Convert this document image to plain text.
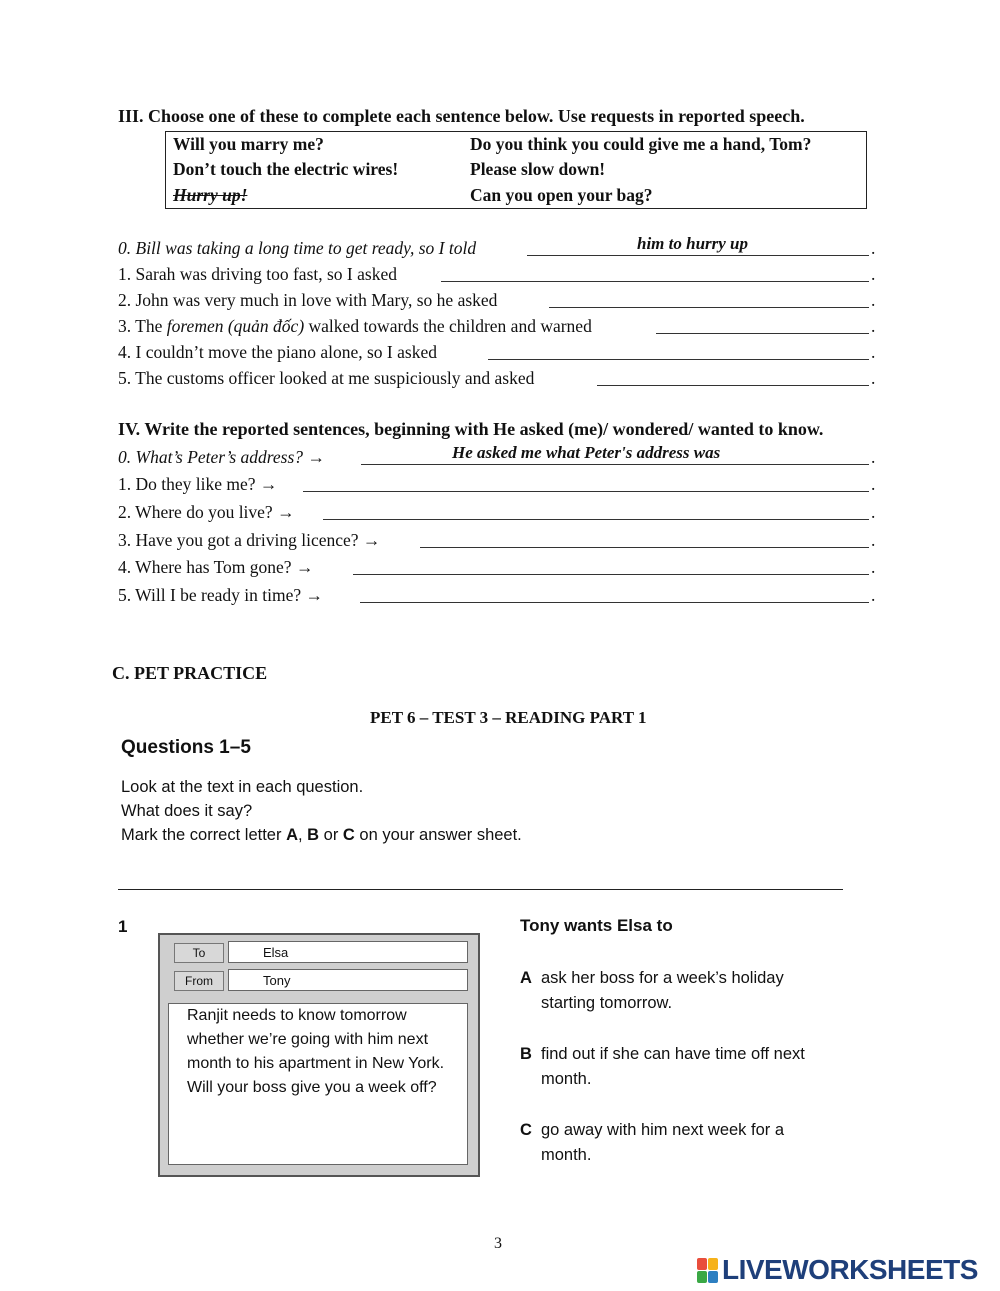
III. Choose one of these to complete each sentence below. Use requests in reported speech.
Will you marry me?	Do you think you could give me a hand, Tom?
Don’t touch the electric wires!	Please slow down!
Hurry up!	Can you open your bag?
0. Bill was taking a long time to get ready, so I told	him to hurry up	.
1. Sarah was driving too fast, so I asked	.
2. John was very much in love with Mary, so he asked	.
3. The foremen (quản đốc) walked towards the children and warned	.
4. I couldn’t move the piano alone, so I asked	.
5. The customs officer looked at me suspiciously and asked	.
IV. Write the reported sentences, beginning with He asked (me)/ wondered/ wanted to know.
0. What’s Peter’s address? →	He asked me what Peter's address was	.
1. Do they like me? →	.
2. Where do you live? →	.
3. Have you got a driving licence? →	.
4. Where has Tom gone? →	.
5. Will I be ready in time? →	.
C. PET PRACTICE
PET 6 – TEST 3 – READING PART 1
Questions 1–5
Look at the text in each question.
What does it say?
Mark the correct letter A, B or C on your answer sheet.
1
To	Elsa
From	Tony
Ranjit needs to know tomorrow whether we’re going with him next month to his apartment in New York. Will your boss give you a week off?
Tony wants Elsa to
A ask her boss for a week’s holiday starting tomorrow.
B find out if she can have time off next month.
C go away with him next week for a month.
3
LIVEWORKSHEETS
